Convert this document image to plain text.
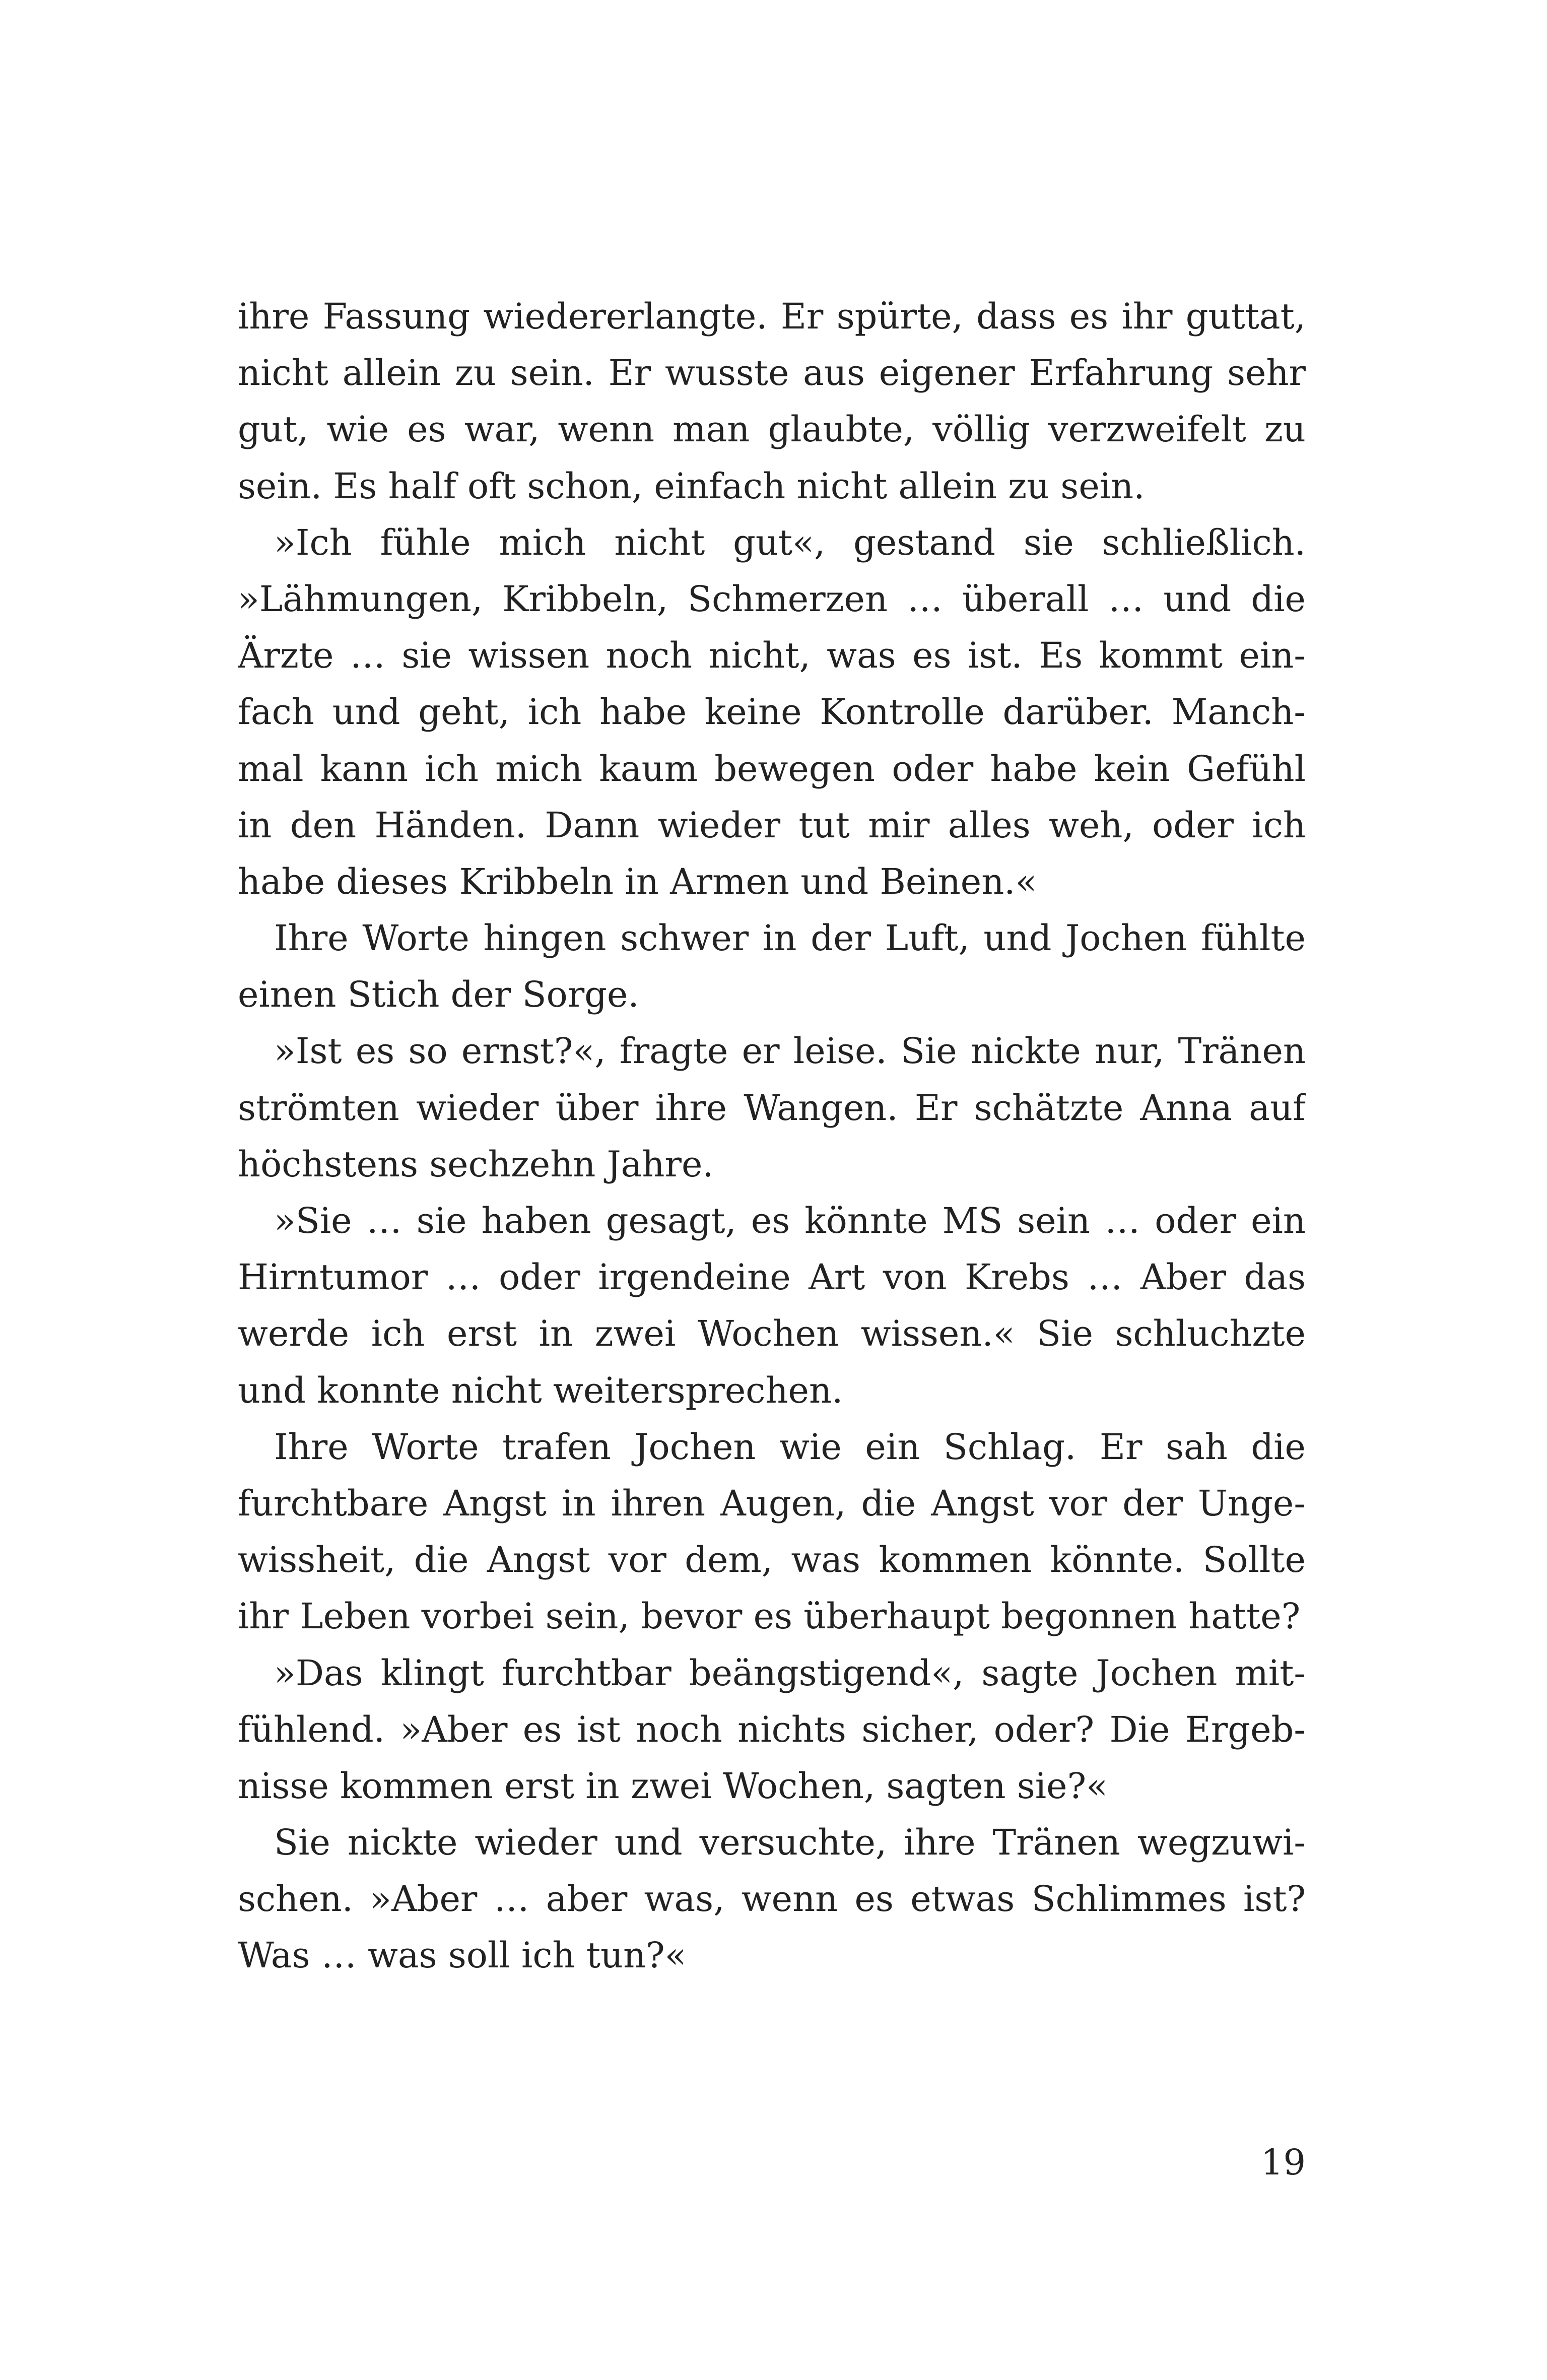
ihre Fassung wiedererlangte. Er spürte, dass es ihr guttat,
nicht allein zu sein. Er wusste aus eigener Erfahrung sehr
gut, wie es war, wenn man glaubte, völlig verzweifelt zu
sein. Es half oft schon, einfach nicht allein zu sein.
»Ich fühle mich nicht gut«, gestand sie schließlich.
»Lähmungen, Kribbeln, Schmerzen … überall … und die
Ärzte … sie wissen noch nicht, was es ist. Es kommt ein-
fach und geht, ich habe keine Kontrolle darüber. Manch-
mal kann ich mich kaum bewegen oder habe kein Gefühl
in den Händen. Dann wieder tut mir alles weh, oder ich
habe dieses Kribbeln in Armen und Beinen.«
Ihre Worte hingen schwer in der Luft, und Jochen fühlte
einen Stich der Sorge.
»Ist es so ernst?«, fragte er leise. Sie nickte nur, Tränen
strömten wieder über ihre Wangen. Er schätzte Anna auf
höchstens sechzehn Jahre.
»Sie … sie haben gesagt, es könnte MS sein … oder ein
Hirntumor … oder irgendeine Art von Krebs … Aber das
werde ich erst in zwei Wochen wissen.« Sie schluchzte
und konnte nicht weitersprechen.
Ihre Worte trafen Jochen wie ein Schlag. Er sah die
furchtbare Angst in ihren Augen, die Angst vor der Unge-
wissheit, die Angst vor dem, was kommen könnte. Sollte
ihr Leben vorbei sein, bevor es überhaupt begonnen hatte?
»Das klingt furchtbar beängstigend«, sagte Jochen mit-
fühlend. »Aber es ist noch nichts sicher, oder? Die Ergeb-
nisse kommen erst in zwei Wochen, sagten sie?«
Sie nickte wieder und versuchte, ihre Tränen wegzuwi-
schen. »Aber … aber was, wenn es etwas Schlimmes ist?
Was … was soll ich tun?«
19
